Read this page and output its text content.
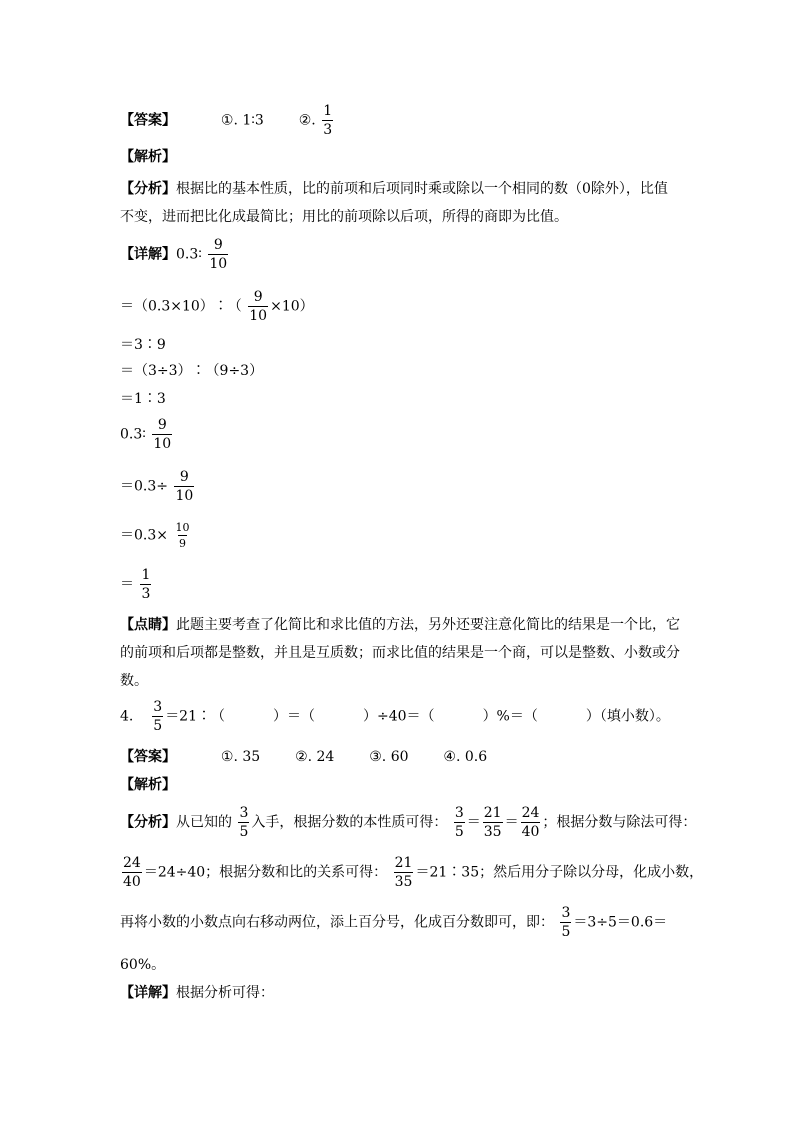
【答案】	①. 1∶3 ②. $\frac{1}{3}$
【解析】
【分析】根据比的基本性质，比的前项和后项同时乘或除以一个相同的数（0除外），比值
不变，进而把比化成最简比；用比的前项除以后项，所得的商即为比值。
【详解】0.3∶ $\frac{9}{10}$
＝（0.3×10）∶（ $\frac{9}{10} \times 10$）
＝3∶9
＝（3÷3）∶（9÷3）
＝1∶3
0.3∶ $\frac{9}{10}$
$=0.3\div \frac{9}{10}$
$=0.3\times \frac{10}{9}$
＝ $\frac{1}{3}$
【点睛】此题主要考查了化简比和求比值的方法，另外还要注意化简比的结果是一个比，它
的前项和后项都是整数，并且是互质数；而求比值的结果是一个商，可以是整数、小数或分
数。
4. $\frac{3}{5}$ ＝21∶（	）＝（	）÷40＝（	）%＝（	）（填小数）。
【答案】	①. 35 ②. 24 ③. 60 ④. 0.6
【解析】
【分析】从已知的 $\frac{3}{5}$ 入手，根据分数的本性质可得： $\frac{3}{5} = \frac{21}{35} = \frac{24}{40}$ ；根据分数与除法可得：
$\frac{24}{40} =24\div 40$；根据分数和比的关系可得： $\frac{21}{35}$ ＝21∶35；然后用分子除以分母，化成小数，
再将小数的小数点向右移动两位，添上百分号，化成百分数即可，即： $\frac{3}{5} =3\div 5=0.6=$
60%。
【详解】根据分析可得：
